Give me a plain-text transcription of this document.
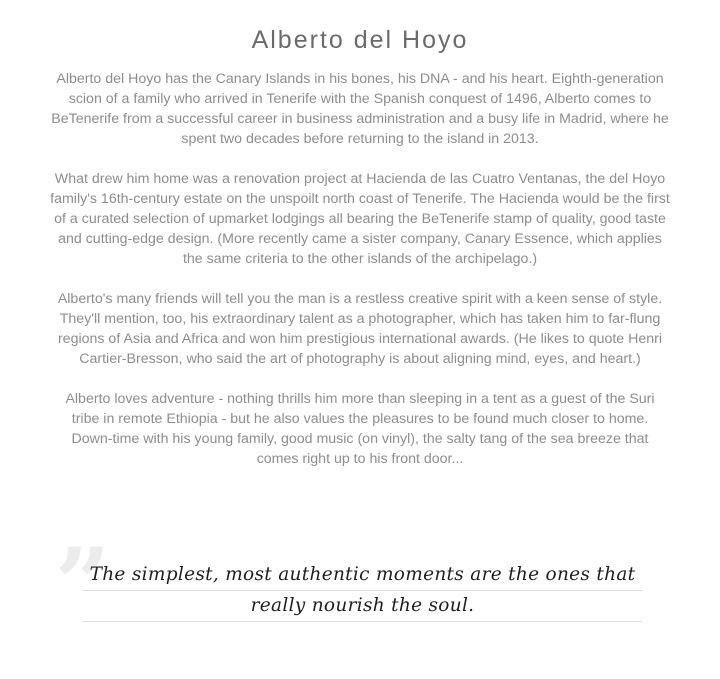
Alberto del Hoyo

Alberto del Hoyo has the Canary Islands in his bones, his DNA - and his heart. Eighth-generation scion of a family who arrived in Tenerife with the Spanish conquest of 1496, Alberto comes to BeTenerife from a successful career in business administration and a busy life in Madrid, where he spent two decades before returning to the island in 2013.

What drew him home was a renovation project at Hacienda de las Cuatro Ventanas, the del Hoyo family's 16th-century estate on the unspoilt north coast of Tenerife. The Hacienda would be the first of a curated selection of upmarket lodgings all bearing the BeTenerife stamp of quality, good taste and cutting-edge design. (More recently came a sister company, Canary Essence, which applies the same criteria to the other islands of the archipelago.)

Alberto's many friends will tell you the man is a restless creative spirit with a keen sense of style. They'll mention, too, his extraordinary talent as a photographer, which has taken him to far-flung regions of Asia and Africa and won him prestigious international awards. (He likes to quote Henri Cartier-Bresson, who said the art of photography is about aligning mind, eyes, and heart.)

Alberto loves adventure - nothing thrills him more than sleeping in a tent as a guest of the Suri tribe in remote Ethiopia - but he also values the pleasures to be found much closer to home. Down-time with his young family, good music (on vinyl), the salty tang of the sea breeze that comes right up to his front door...

”
The simplest, most authentic moments are the ones that
really nourish the soul.
